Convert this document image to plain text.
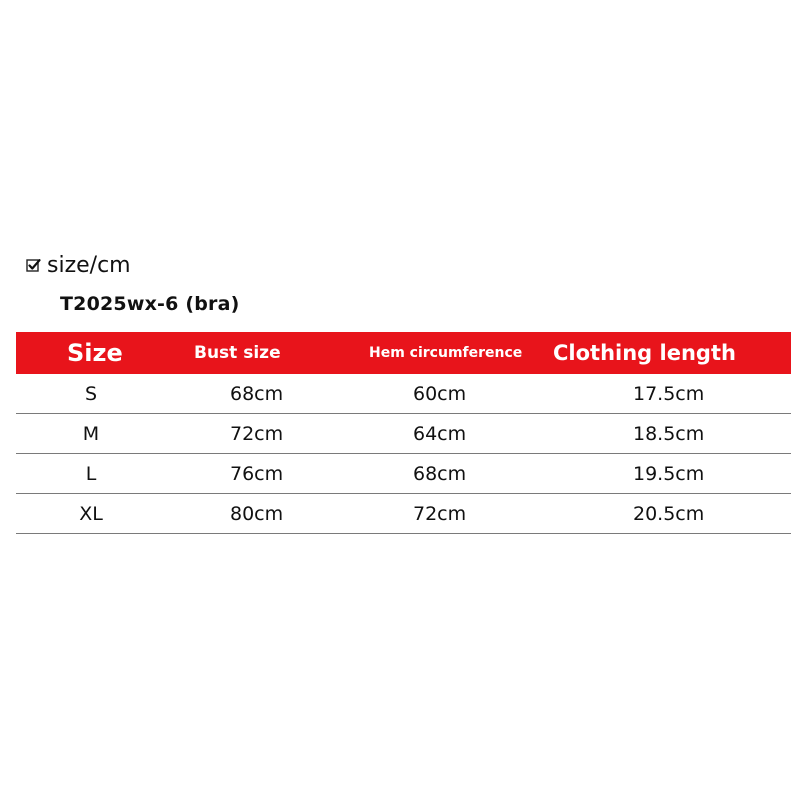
size/cm
T2025wx-6 (bra)
Size	Bust size	Hem circumference	Clothing length
S	68cm	60cm	17.5cm
M	72cm	64cm	18.5cm
L	76cm	68cm	19.5cm
XL	80cm	72cm	20.5cm
